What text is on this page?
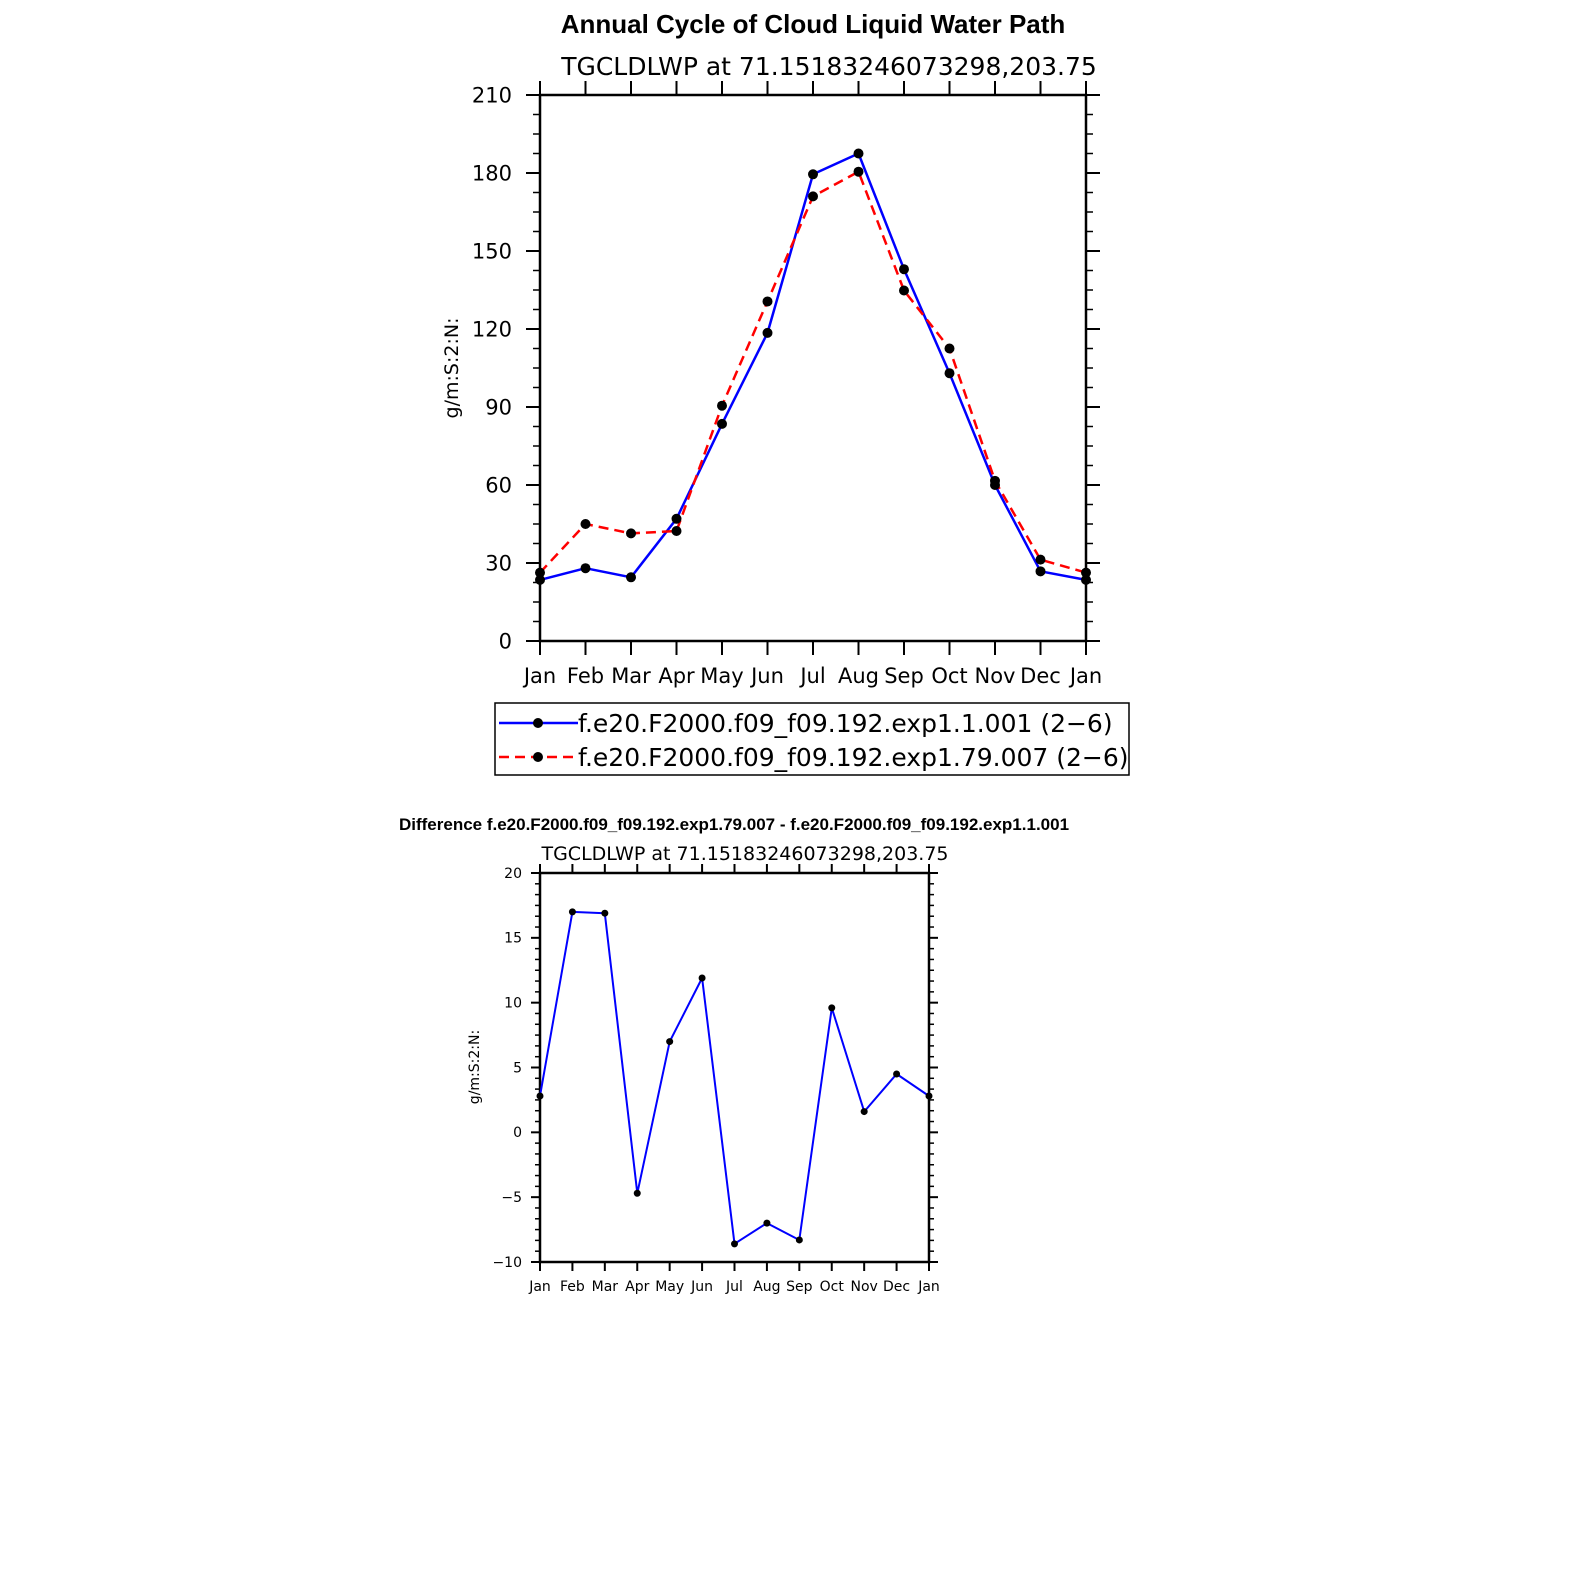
Annual Cycle of Cloud Liquid Water Path
TGCLDLWP at 71.15183246073298,203.75
g/m:S:2:N:
0
30
60
90
120
150
180
210
Jan Feb Mar Apr May Jun Jul Aug Sep Oct Nov Dec Jan
f.e20.F2000.f09_f09.192.exp1.1.001 (2−6)
f.e20.F2000.f09_f09.192.exp1.79.007 (2−6)
Difference f.e20.F2000.f09_f09.192.exp1.79.007 - f.e20.F2000.f09_f09.192.exp1.1.001
TGCLDLWP at 71.15183246073298,203.75
g/m:S:2:N:
−10
−5
0
5
10
15
20
Jan Feb Mar Apr May Jun Jul Aug Sep Oct Nov Dec Jan
